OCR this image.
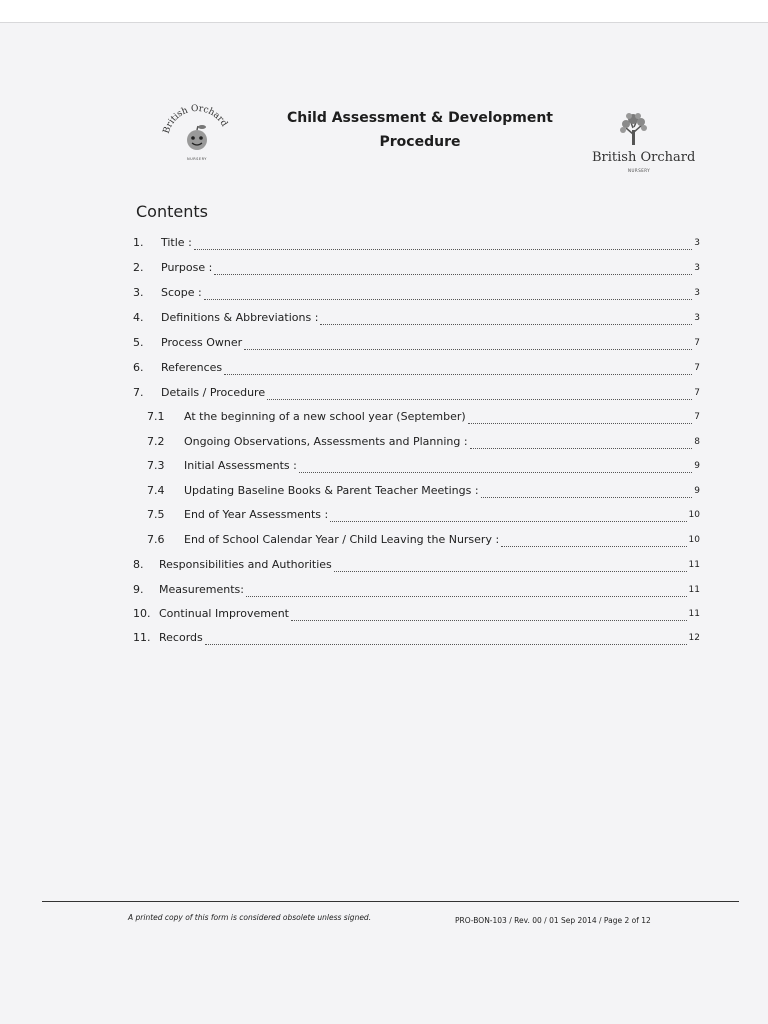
British Orchard
NURSERY
Child Assessment & Development
Procedure
British Orchard
NURSERY
Contents
1. Title :	3
2. Purpose :	3
3. Scope :	3
4. Definitions & Abbreviations :	3
5. Process Owner	7
6. References	7
7. Details / Procedure	7
7.1 At the beginning of a new school year (September)	7
7.2 Ongoing Observations, Assessments and Planning :	8
7.3 Initial Assessments :	9
7.4 Updating Baseline Books & Parent Teacher Meetings :	9
7.5 End of Year Assessments :	10
7.6 End of School Calendar Year / Child Leaving the Nursery :	10
8. Responsibilities and Authorities	11
9. Measurements:	11
10. Continual Improvement	11
11. Records	12
A printed copy of this form is considered obsolete unless signed.	PRO-BON-103 / Rev. 00 / 01 Sep 2014 / Page 2 of 12
